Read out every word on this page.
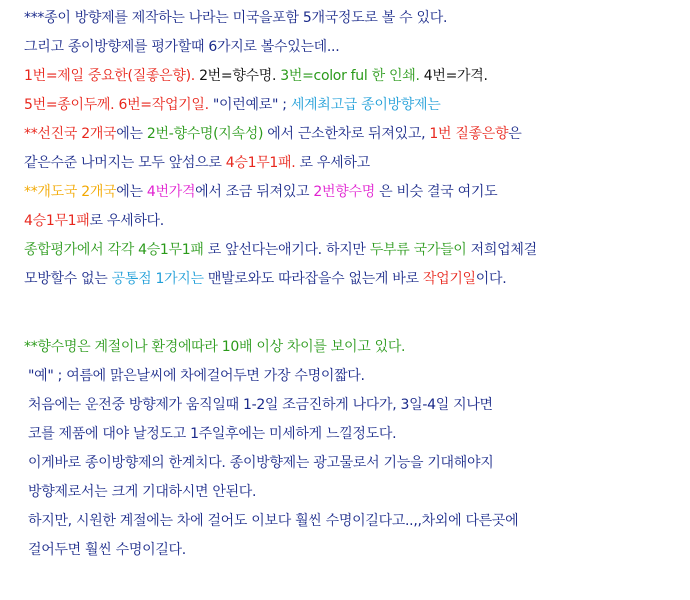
***종이 방향제를 제작하는 나라는 미국을포함 5개국정도로 볼 수 있다.
그리고 종이방향제를 평가할때 6가지로 볼수있는데...
1번=제일 중요한(질좋은향). 2번=향수명. 3번=color ful 한 인쇄. 4번=가격.
5번=종이두께. 6번=작업기일. "이런예로" ; 세계최고급 종이방향제는
**선진국 2개국에는 2번-향수명(지속성) 에서 근소한차로 뒤져있고, 1번 질좋은향은
같은수준 나머지는 모두 앞섬으로 4승1무1패. 로 우세하고
**개도국 2개국에는 4번가격에서 조금 뒤져있고 2번향수명 은 비슷 결국 여기도
4승1무1패로 우세하다.
종합평가에서 각각 4승1무1패 로 앞선다는애기다. 하지만 두부류 국가들이 저희업체걸
모방할수 없는 공통점 1가지는 맨발로와도 따라잡을수 없는게 바로 작업기일이다.
**향수명은 계절이나 환경에따라 10배 이상 차이를 보이고 있다.
"예" ; 여름에 맑은날씨에 차에걸어두면 가장 수명이짧다.
처음에는 운전중 방향제가 움직일때 1-2일 조금진하게 나다가, 3일-4일 지나면
코를 제품에 대야 날정도고 1주일후에는 미세하게 느낄정도다.
이게바로 종이방향제의 한계치다. 종이방향제는 광고물로서 기능을 기대해야지
방향제로서는 크게 기대하시면 안된다.
하지만, 시원한 계절에는 차에 걸어도 이보다 훨씬 수명이길다고..,,차외에 다른곳에
걸어두면 훨씬 수명이길다.
